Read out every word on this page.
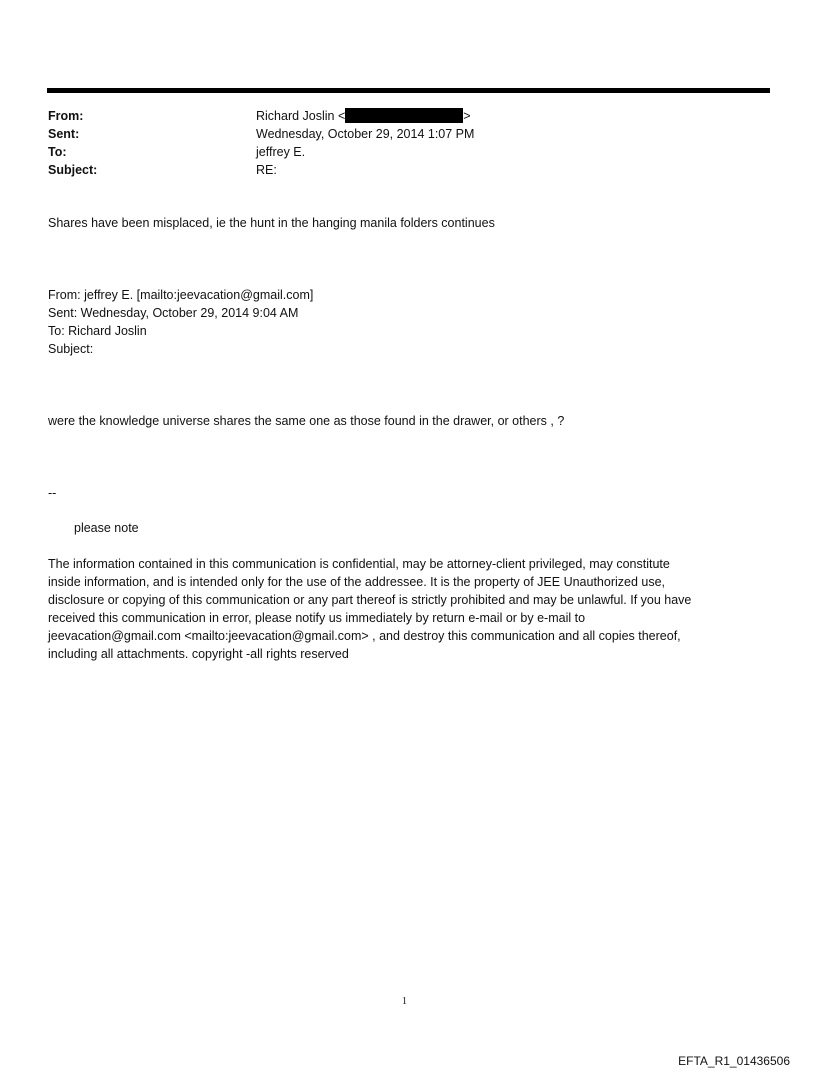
From:	Richard Joslin <	>
Sent:	Wednesday, October 29, 2014 1:07 PM
To:	jeffrey E.
Subject:	RE:
Shares have been misplaced, ie the hunt in the hanging manila folders continues
From: jeffrey E. [mailto:jeevacation@gmail.com]
Sent: Wednesday, October 29, 2014 9:04 AM
To: Richard Joslin
Subject:
were the knowledge universe shares the same one as those found in the drawer, or others , ?
--
please note

The information contained in this communication is confidential, may be attorney-client privileged, may constitute

inside information, and is intended only for the use of the addressee. It is the property of JEE Unauthorized use,

disclosure or copying of this communication or any part thereof is strictly prohibited and may be unlawful. If you have

received this communication in error, please notify us immediately by return e-mail or by e-mail to

jeevacation@gmail.com <mailto:jeevacation@gmail.com> , and destroy this communication and all copies thereof,

including all attachments. copyright -all rights reserved

1
EFTA_R1_01436506
